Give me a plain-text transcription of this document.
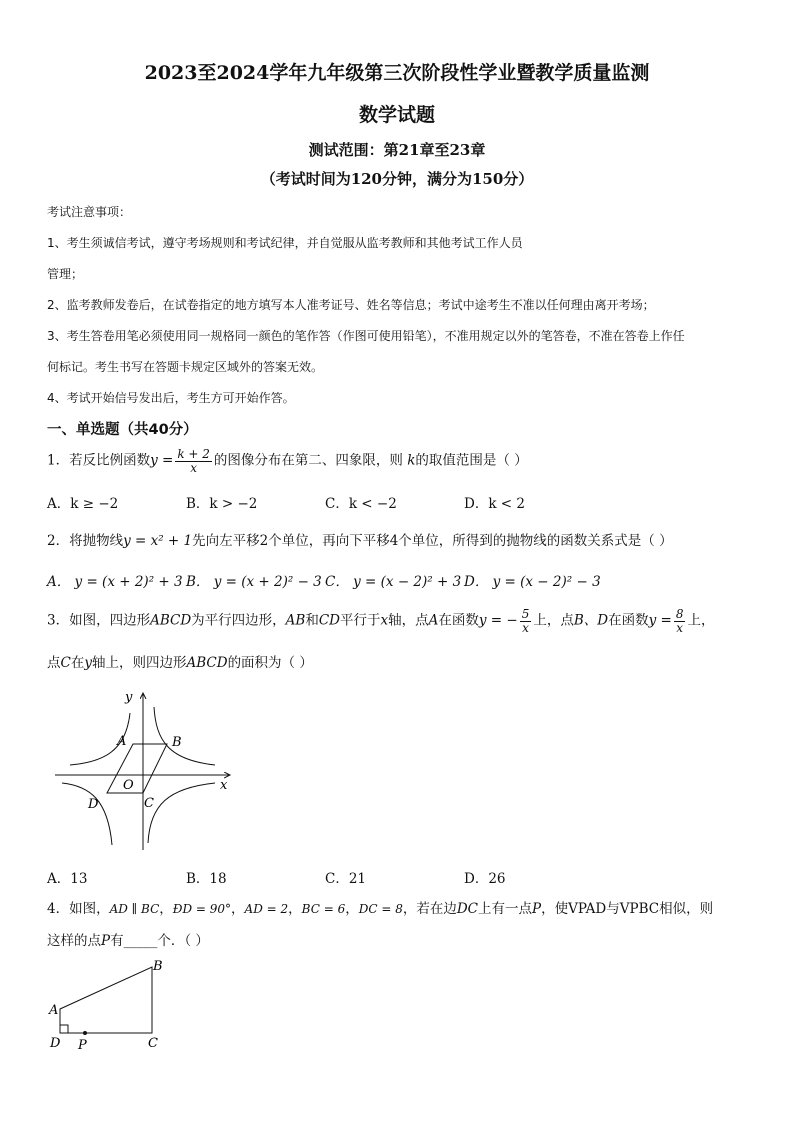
2023至2024学年九年级第三次阶段性学业暨教学质量监测
数学试题
测试范围：第21章至23章
（考试时间为120分钟，满分为150分）
考试注意事项：
1、考生须诚信考试，遵守考场规则和考试纪律，并自觉服从监考教师和其他考试工作人员
管理；
2、监考教师发卷后，在试卷指定的地方填写本人准考证号、姓名等信息；考试中途考生不准以任何理由离开考场；
3、考生答卷用笔必须使用同一规格同一颜色的笔作答（作图可使用铅笔），不准用规定以外的笔答卷，不准在答卷上作任
何标记。考生书写在答题卡规定区域外的答案无效。
4、考试开始信号发出后，考生方可开始作答。
一、单选题（共40分）
1．若反比例函数$y = \frac{k + 2}{x}$ 的图像分布在第二、四象限，则 k的取值范围是（ ）
A．k ≥ −2	B．k > −2	C．k < −2	D．k < 2
2．将抛物线y = x² + 1先向左平移2个单位，再向下平移4个单位，所得到的抛物线的函数关系式是（ ）
A． y = (x + 2)² + 3 B． y = (x + 2)² − 3 C． y = (x − 2)² + 3 D． y = (x − 2)² − 3
3．如图，四边形ABCD为平行四边形，AB和CD平行于x轴，点A在函数y = − $\frac{5}{x}$ 上，点B、D在函数$y = \frac{8}{x}$ 上，
点C在y轴上，则四边形ABCD的面积为（ ）
y
x
A	B
O
C
D
A．13	B．18	C．21	D．26
4．如图，AD ∥ BC，ÐD = 90°，AD = 2，BC = 6，DC = 8，若在边DC上有一点P，使VPAD与VPBC相似，则
这样的点P有_____个．（ ）
A
B
D P	C
